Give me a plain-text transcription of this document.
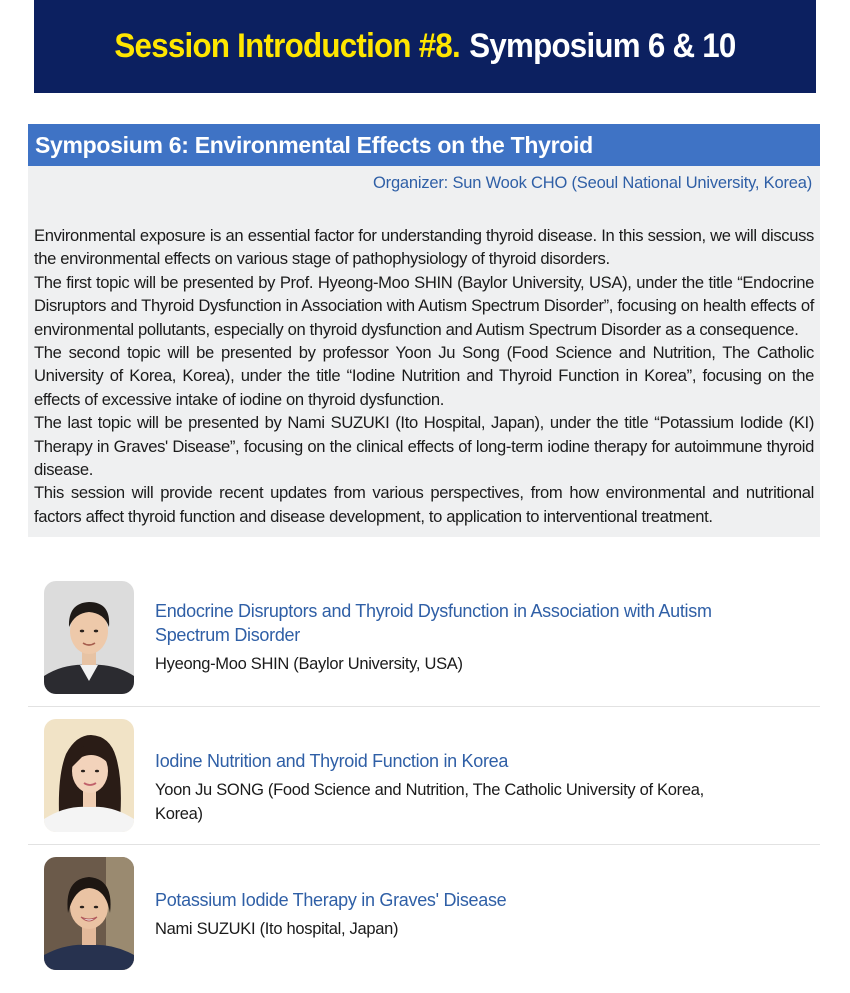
Session Introduction #8. Symposium 6 & 10
Symposium 6: Environmental Effects on the Thyroid
Organizer: Sun Wook CHO (Seoul National University, Korea)

Environmental exposure is an essential factor for understanding thyroid disease. In this session, we will discuss the environmental effects on various stage of pathophysiology of thyroid disorders.

The first topic will be presented by Prof. Hyeong-Moo SHIN (Baylor University, USA), under the title “Endocrine Disruptors and Thyroid Dysfunction in Association with Autism Spectrum Disorder”, focusing on health effects of environmental pollutants, especially on thyroid dysfunction and Autism Spectrum Disorder as a consequence.

The second topic will be presented by professor Yoon Ju Song (Food Science and Nutrition, The Catholic University of Korea, Korea), under the title “Iodine Nutrition and Thyroid Function in Korea”, focusing on the effects of excessive intake of iodine on thyroid dysfunction.

The last topic will be presented by Nami SUZUKI (Ito Hospital, Japan), under the title “Potassium Iodide (KI) Therapy in Graves' Disease”, focusing on the clinical effects of long-term iodine therapy for autoimmune thyroid disease.

This session will provide recent updates from various perspectives, from how environmental and nutritional factors affect thyroid function and disease development, to application to interventional treatment.

Endocrine Disruptors and Thyroid Dysfunction in Association with Autism Spectrum Disorder
Hyeong-Moo SHIN (Baylor University, USA)
Iodine Nutrition and Thyroid Function in Korea
Yoon Ju SONG (Food Science and Nutrition, The Catholic University of Korea, Korea)
Potassium Iodide Therapy in Graves' Disease
Nami SUZUKI (Ito hospital, Japan)
